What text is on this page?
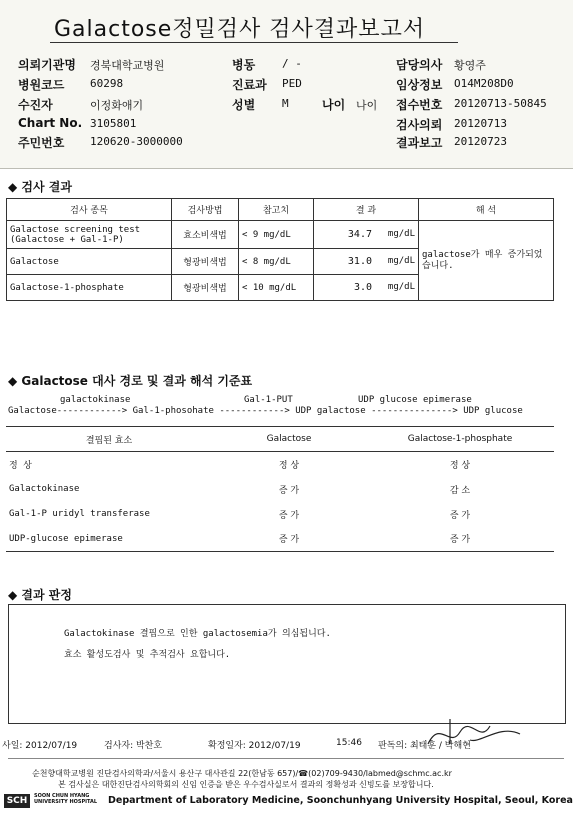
Galactose정밀검사 검사결과보고서
의뢰기관명 경북대학교병원	병동 / -	담당의사 황영주
병원코드 60298	진료과 PED	임상정보 O14M208D0
수진자	이정화애기	성별 M	나이 나이 접수번호 20120713-50845
Chart No. 3105801	검사의뢰 20120713
주민번호 120620-3000000	결과보고 20120723
◆ 검사 결과
검사 종목	검사방법	참고치	결 과	해 석
Galactose screening test (Galactose + Gal-1-P)	효소비색법	< 9 mg/dL	34.7 mg/dL	galactose가 매우 증가되었습니다.
Galactose	형광비색법	< 8 mg/dL	31.0 mg/dL	

Galactose-1-phosphate	형광비색법	< 10 mg/dL	3.0 mg/dL	
◆ Galactose 대사 경로 및 결과 해석 기준표
galactokinase	Gal-1-PUT	UDP glucose epimerase
Galactose------------> Gal-1-phosohate ------------> UDP galactose ---------------> UDP glucose
결핍된 효소	Galactose	Galactose-1-phosphate
정 상	정 상	정 상
Galactokinase	증 가	감 소
Gal-1-P uridyl transferase	증 가	증 가
UDP-glucose epimerase	증 가	증 가
◆ 결과 판정
Galactokinase 결핍으로 인한 galactosemia가 의심됩니다.
효소 활성도검사 및 추적검사 요합니다.
사일: 2012/07/19	검사자: 박찬호	확정일자: 2012/07/19	15:46 판독의: 최태훈 / 박해현
순천향대학교병원 진단검사의학과/서울시 용산구 대사관길 22(한남동 657)/☎(02)709-9430/labmed@schmc.ac.kr
본 검사실은 대한진단검사의학회의 신임 인증을 받은 우수검사실로서 결과의 정확성과 신빙도를 보장합니다.
SCH	SOON CHUN HYANG
UNIVERSITY HOSPITAL Department of Laboratory Medicine, Soonchunhyang University Hospital, Seoul, Korea
